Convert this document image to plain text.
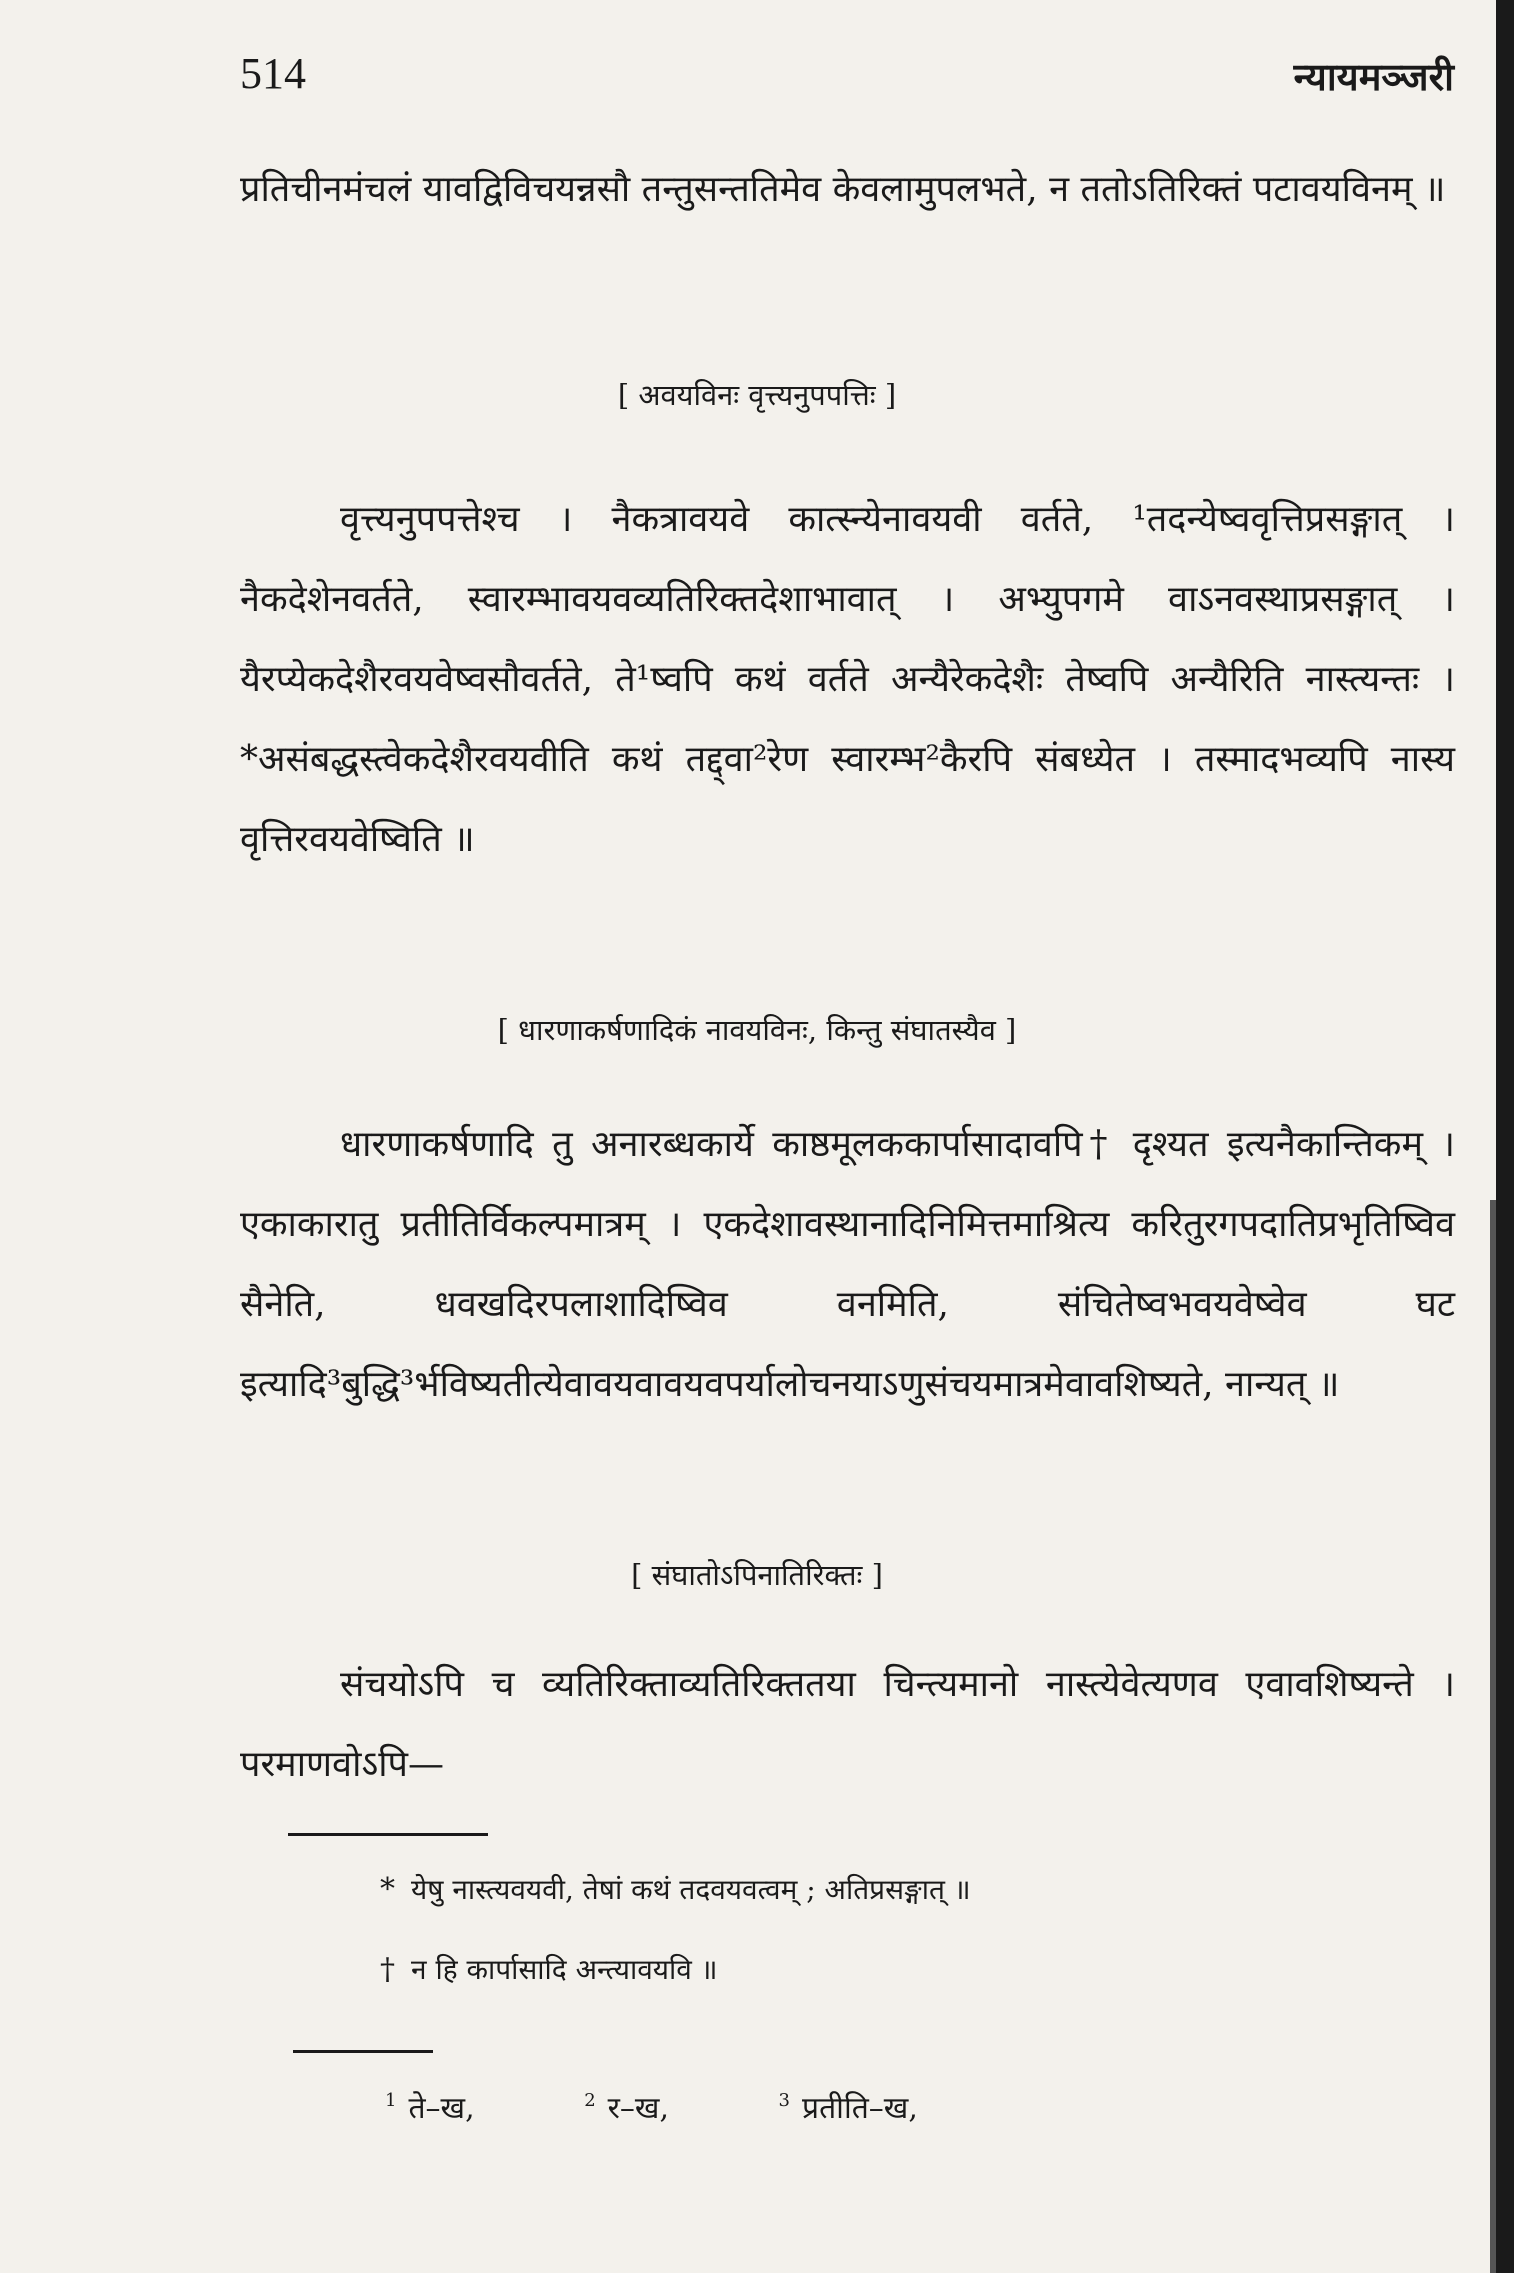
514	न्यायमञ्जरी

प्रतिचीनमंचलं यावद्विविचयन्नसौ तन्तुसन्ततिमेव केवलामुपलभते, न ततोऽतिरिक्तं पटावयविनम् ॥

[ अवयविनः वृत्त्यनुपपत्तिः ]

वृत्त्यनुपपत्तेश्च । नैकत्रावयवे कात्स्न्येनावयवी वर्तते, ¹तदन्येष्ववृत्तिप्रसङ्गात् । नैकदेशेनवर्तते, स्वारम्भावयवव्यतिरिक्तदेशाभावात् । अभ्युपगमे वाऽनवस्थाप्रसङ्गात् । यैरप्येकदेशैरवयवेष्वसौवर्तते, ते¹ष्वपि कथं वर्तते अन्यैरेकदेशैः तेष्वपि अन्यैरिति नास्त्यन्तः । *असंबद्धस्त्वेकदेशैरवयवीति कथं तद्द्वा²रेण स्वारम्भ²कैरपि संबध्येत । तस्मादभव्यपि नास्य वृत्तिरवयवेष्विति ॥

[ धारणाकर्षणादिकं नावयविनः, किन्तु संघातस्यैव ]

धारणाकर्षणादि तु अनारब्धकार्ये काष्ठमूलककार्पासादावपि† दृश्यत इत्यनैकान्तिकम् । एकाकारातु प्रतीतिर्विकल्पमात्रम् । एकदेशावस्थानादिनिमित्तमाश्रित्य करितुरगपदातिप्रभृतिष्विव सैनेति, धवखदिरपलाशादिष्विव वनमिति, संचितेष्वभवयवेष्वेव घट इत्यादि³बुद्धि³र्भविष्यतीत्येवावयवावयवपर्यालोचनयाऽणुसंचयमात्रमेवावशिष्यते, नान्यत् ॥

[ संघातोऽपिनातिरिक्तः ]

संचयोऽपि च व्यतिरिक्ताव्यतिरिक्ततया चिन्त्यमानो नास्त्येवेत्यणव एवावशिष्यन्ते । परमाणवोऽपि—

* येषु नास्त्यवयवी, तेषां कथं तदवयवत्वम् ; अतिप्रसङ्गात् ॥
† न हि कार्पासादि अन्त्यावयवि ॥
$^1$ ते–ख,	$^2$ र–ख,	$^3$ प्रतीति–ख,
